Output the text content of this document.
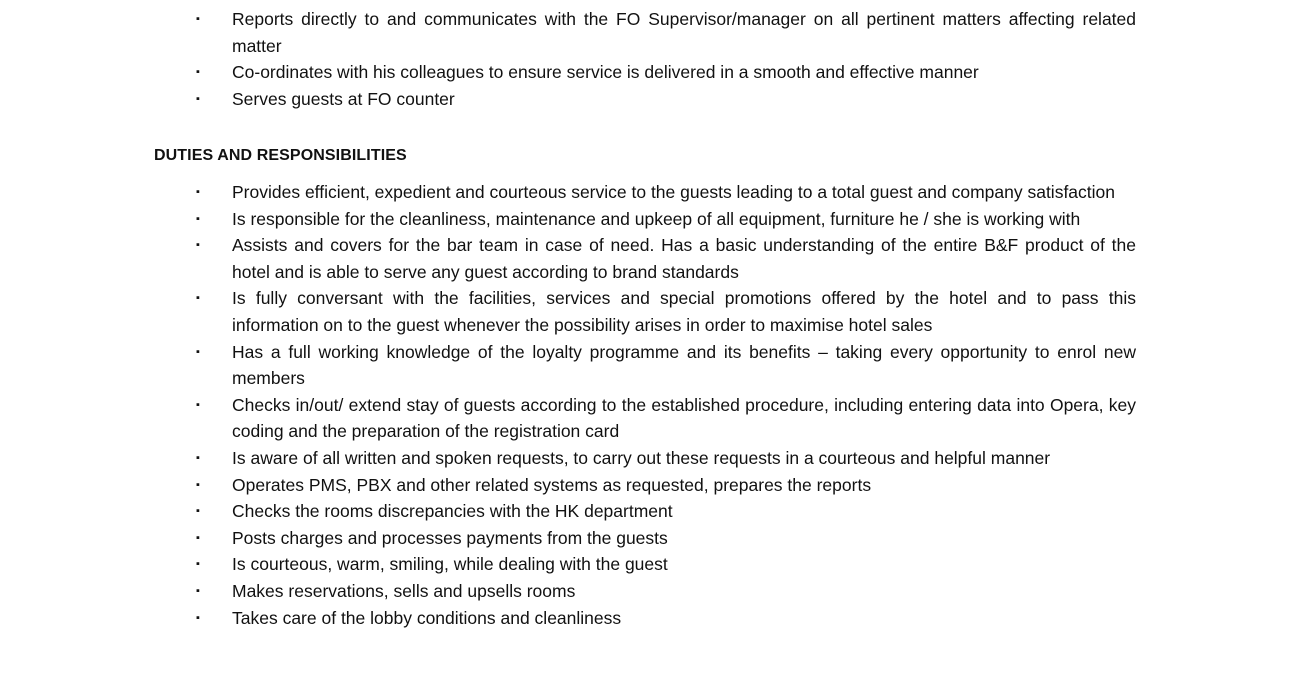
▪ Reports directly to and communicates with the FO Supervisor/manager on all pertinent matters affecting related matter
▪ Co-ordinates with his colleagues to ensure service is delivered in a smooth and effective manner
▪ Serves guests at FO counter
DUTIES AND RESPONSIBILITIES
▪ Provides efficient, expedient and courteous service to the guests leading to a total guest and company satisfaction
▪ Is responsible for the cleanliness, maintenance and upkeep of all equipment, furniture he / she is working with
▪ Assists and covers for the bar team in case of need. Has a basic understanding of the entire B&F product of the hotel and is able to serve any guest according to brand standards
▪ Is fully conversant with the facilities, services and special promotions offered by the hotel and to pass this information on to the guest whenever the possibility arises in order to maximise hotel sales
▪ Has a full working knowledge of the loyalty programme and its benefits – taking every opportunity to enrol new members
▪ Checks in/out/ extend stay of guests according to the established procedure, including entering data into Opera, key coding and the preparation of the registration card
▪ Is aware of all written and spoken requests, to carry out these requests in a courteous and helpful manner
▪ Operates PMS, PBX and other related systems as requested, prepares the reports
▪ Checks the rooms discrepancies with the HK department
▪ Posts charges and processes payments from the guests
▪ Is courteous, warm, smiling, while dealing with the guest
▪ Makes reservations, sells and upsells rooms
▪ Takes care of the lobby conditions and cleanliness
